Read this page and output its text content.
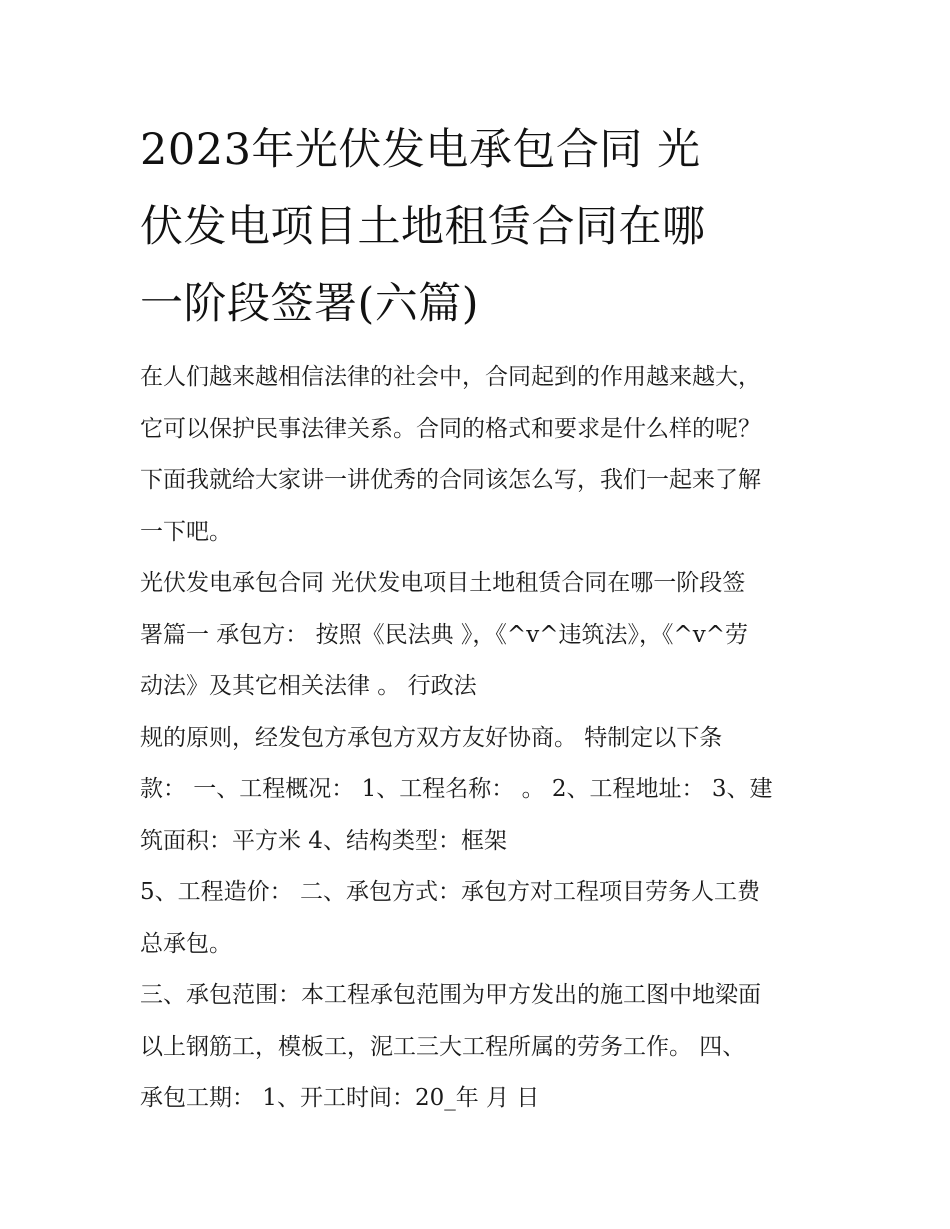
2023年光伏发电承包合同 光
伏发电项目土地租赁合同在哪
一阶段签署(六篇)
在人们越来越相信法律的社会中，合同起到的作用越来越大，
它可以保护民事法律关系。合同的格式和要求是什么样的呢？
下面我就给大家讲一讲优秀的合同该怎么写，我们一起来了解
一下吧。
光伏发电承包合同 光伏发电项目土地租赁合同在哪一阶段签
署篇一 承包方： 按照《民法典 》，《^v^违筑法》，《^v^劳
动法》及其它相关法律 。 行政法
规的原则，经发包方承包方双方友好协商。 特制定以下条
款： 一、工程概况： 1、工程名称： 。 2、工程地址： 3、建
筑面积：平方米 4、结构类型：框架
5、工程造价： 二、承包方式：承包方对工程项目劳务人工费
总承包。
三、承包范围：本工程承包范围为甲方发出的施工图中地梁面
以上钢筋工，模板工，泥工三大工程所属的劳务工作。 四、
承包工期： 1、开工时间：20_年 月 日
